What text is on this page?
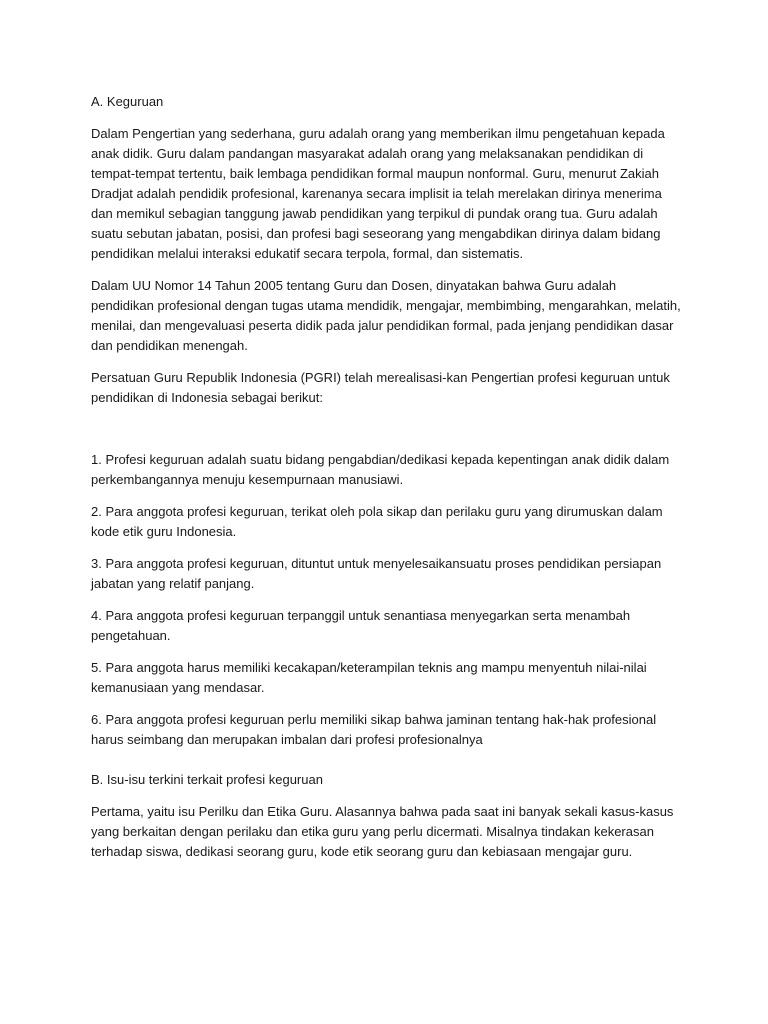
A. Keguruan
Dalam Pengertian yang sederhana, guru adalah orang yang memberikan ilmu pengetahuan kepada anak didik. Guru dalam pandangan masyarakat adalah orang yang melaksanakan pendidikan di tempat-tempat tertentu, baik lembaga pendidikan formal maupun nonformal. Guru, menurut Zakiah Dradjat adalah pendidik profesional, karenanya secara implisit ia telah merelakan dirinya menerima dan memikul sebagian tanggung jawab pendidikan yang terpikul di pundak orang tua. Guru adalah suatu sebutan jabatan, posisi, dan profesi bagi seseorang yang mengabdikan dirinya dalam bidang pendidikan melalui interaksi edukatif secara terpola, formal, dan sistematis.
Dalam UU Nomor 14 Tahun 2005 tentang Guru dan Dosen, dinyatakan bahwa Guru adalah pendidikan profesional dengan tugas utama mendidik, mengajar, membimbing, mengarahkan, melatih, menilai, dan mengevaluasi peserta didik pada jalur pendidikan formal, pada jenjang pendidikan dasar dan pendidikan menengah.
Persatuan Guru Republik Indonesia (PGRI) telah merealisasi-kan Pengertian profesi keguruan untuk pendidikan di Indonesia sebagai berikut:
1. Profesi keguruan adalah suatu bidang pengabdian/dedikasi kepada kepentingan anak didik dalam perkembangannya menuju kesempurnaan manusiawi.
2. Para anggota profesi keguruan, terikat oleh pola sikap dan perilaku guru yang dirumuskan dalam kode etik guru Indonesia.
3. Para anggota profesi keguruan, dituntut untuk menyelesaikansuatu proses pendidikan persiapan jabatan yang relatif panjang.
4. Para anggota profesi keguruan terpanggil untuk senantiasa menyegarkan serta menambah pengetahuan.
5. Para anggota harus memiliki kecakapan/keterampilan teknis ang mampu menyentuh nilai-nilai kemanusiaan yang mendasar.
6. Para anggota profesi keguruan perlu memiliki sikap bahwa jaminan tentang hak-hak profesional harus seimbang dan merupakan imbalan dari profesi profesionalnya
B. Isu-isu terkini terkait profesi keguruan
Pertama, yaitu isu Perilku dan Etika Guru. Alasannya bahwa pada saat ini banyak sekali kasus-kasus yang berkaitan dengan perilaku dan etika guru yang perlu dicermati. Misalnya tindakan kekerasan terhadap siswa, dedikasi seorang guru, kode etik seorang guru dan kebiasaan mengajar guru.
